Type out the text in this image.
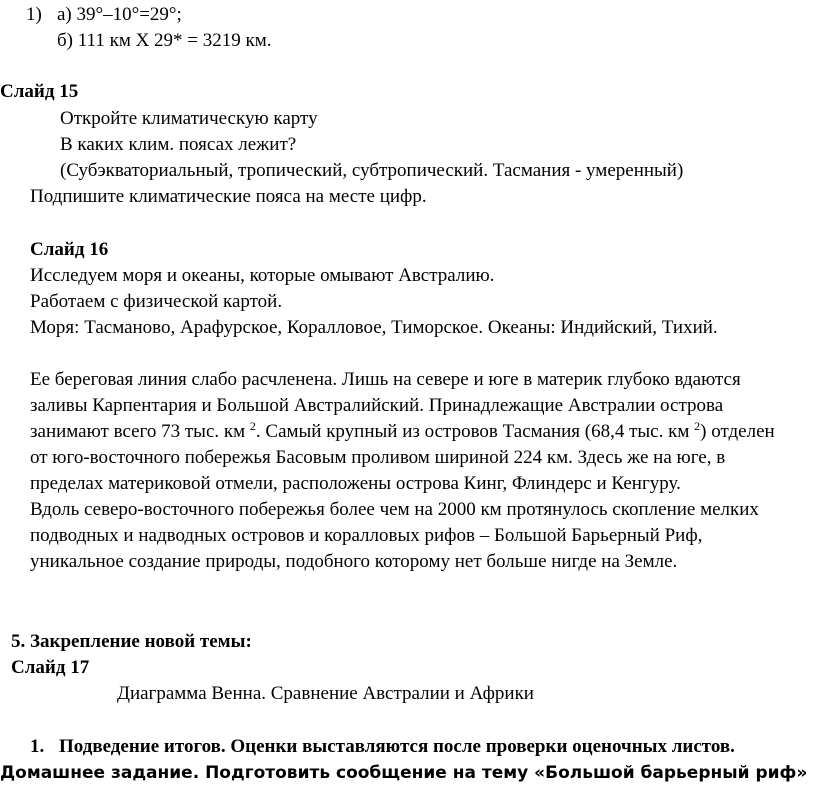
1) а) 39°–10°=29°;

б) 111 км X 29* = 3219 км.

Слайд 15

Откройте климатическую карту

В каких клим. поясах лежит?

(Субэкваториальный, тропический, субтропический. Тасмания - умеренный)

Подпишите климатические пояса на месте цифр.

Слайд 16

Исследуем моря и океаны, которые омывают Австралию.

Работаем с физической картой.

Моря: Тасманово, Арафурское, Коралловое, Тиморское. Океаны: Индийский, Тихий.

Ее береговая линия слабо расчленена. Лишь на севере и юге в материк глубоко вдаются

заливы Карпентария и Большой Австралийский. Принадлежащие Австралии острова

занимают всего 73 тыс. км $^2$. Самый крупный из островов Тасмания (68,4 тыс. км $^2$) отделен

от юго-восточного побережья Басовым проливом шириной 224 км. Здесь же на юге, в

пределах материковой отмели, расположены острова Кинг, Флиндерс и Кенгуру.

Вдоль северо-восточного побережья более чем на 2000 км протянулось скопление мелких

подводных и надводных островов и коралловых рифов – Большой Барьерный Риф,

уникальное создание природы, подобного которому нет больше нигде на Земле.

5. Закрепление новой темы:

Слайд 17

Диаграмма Венна. Сравнение Австралии и Африки

1. Подведение итогов. Оценки выставляются после проверки оценочных листов.

Домашнее задание. Подготовить сообщение на тему «Большой барьерный риф»
